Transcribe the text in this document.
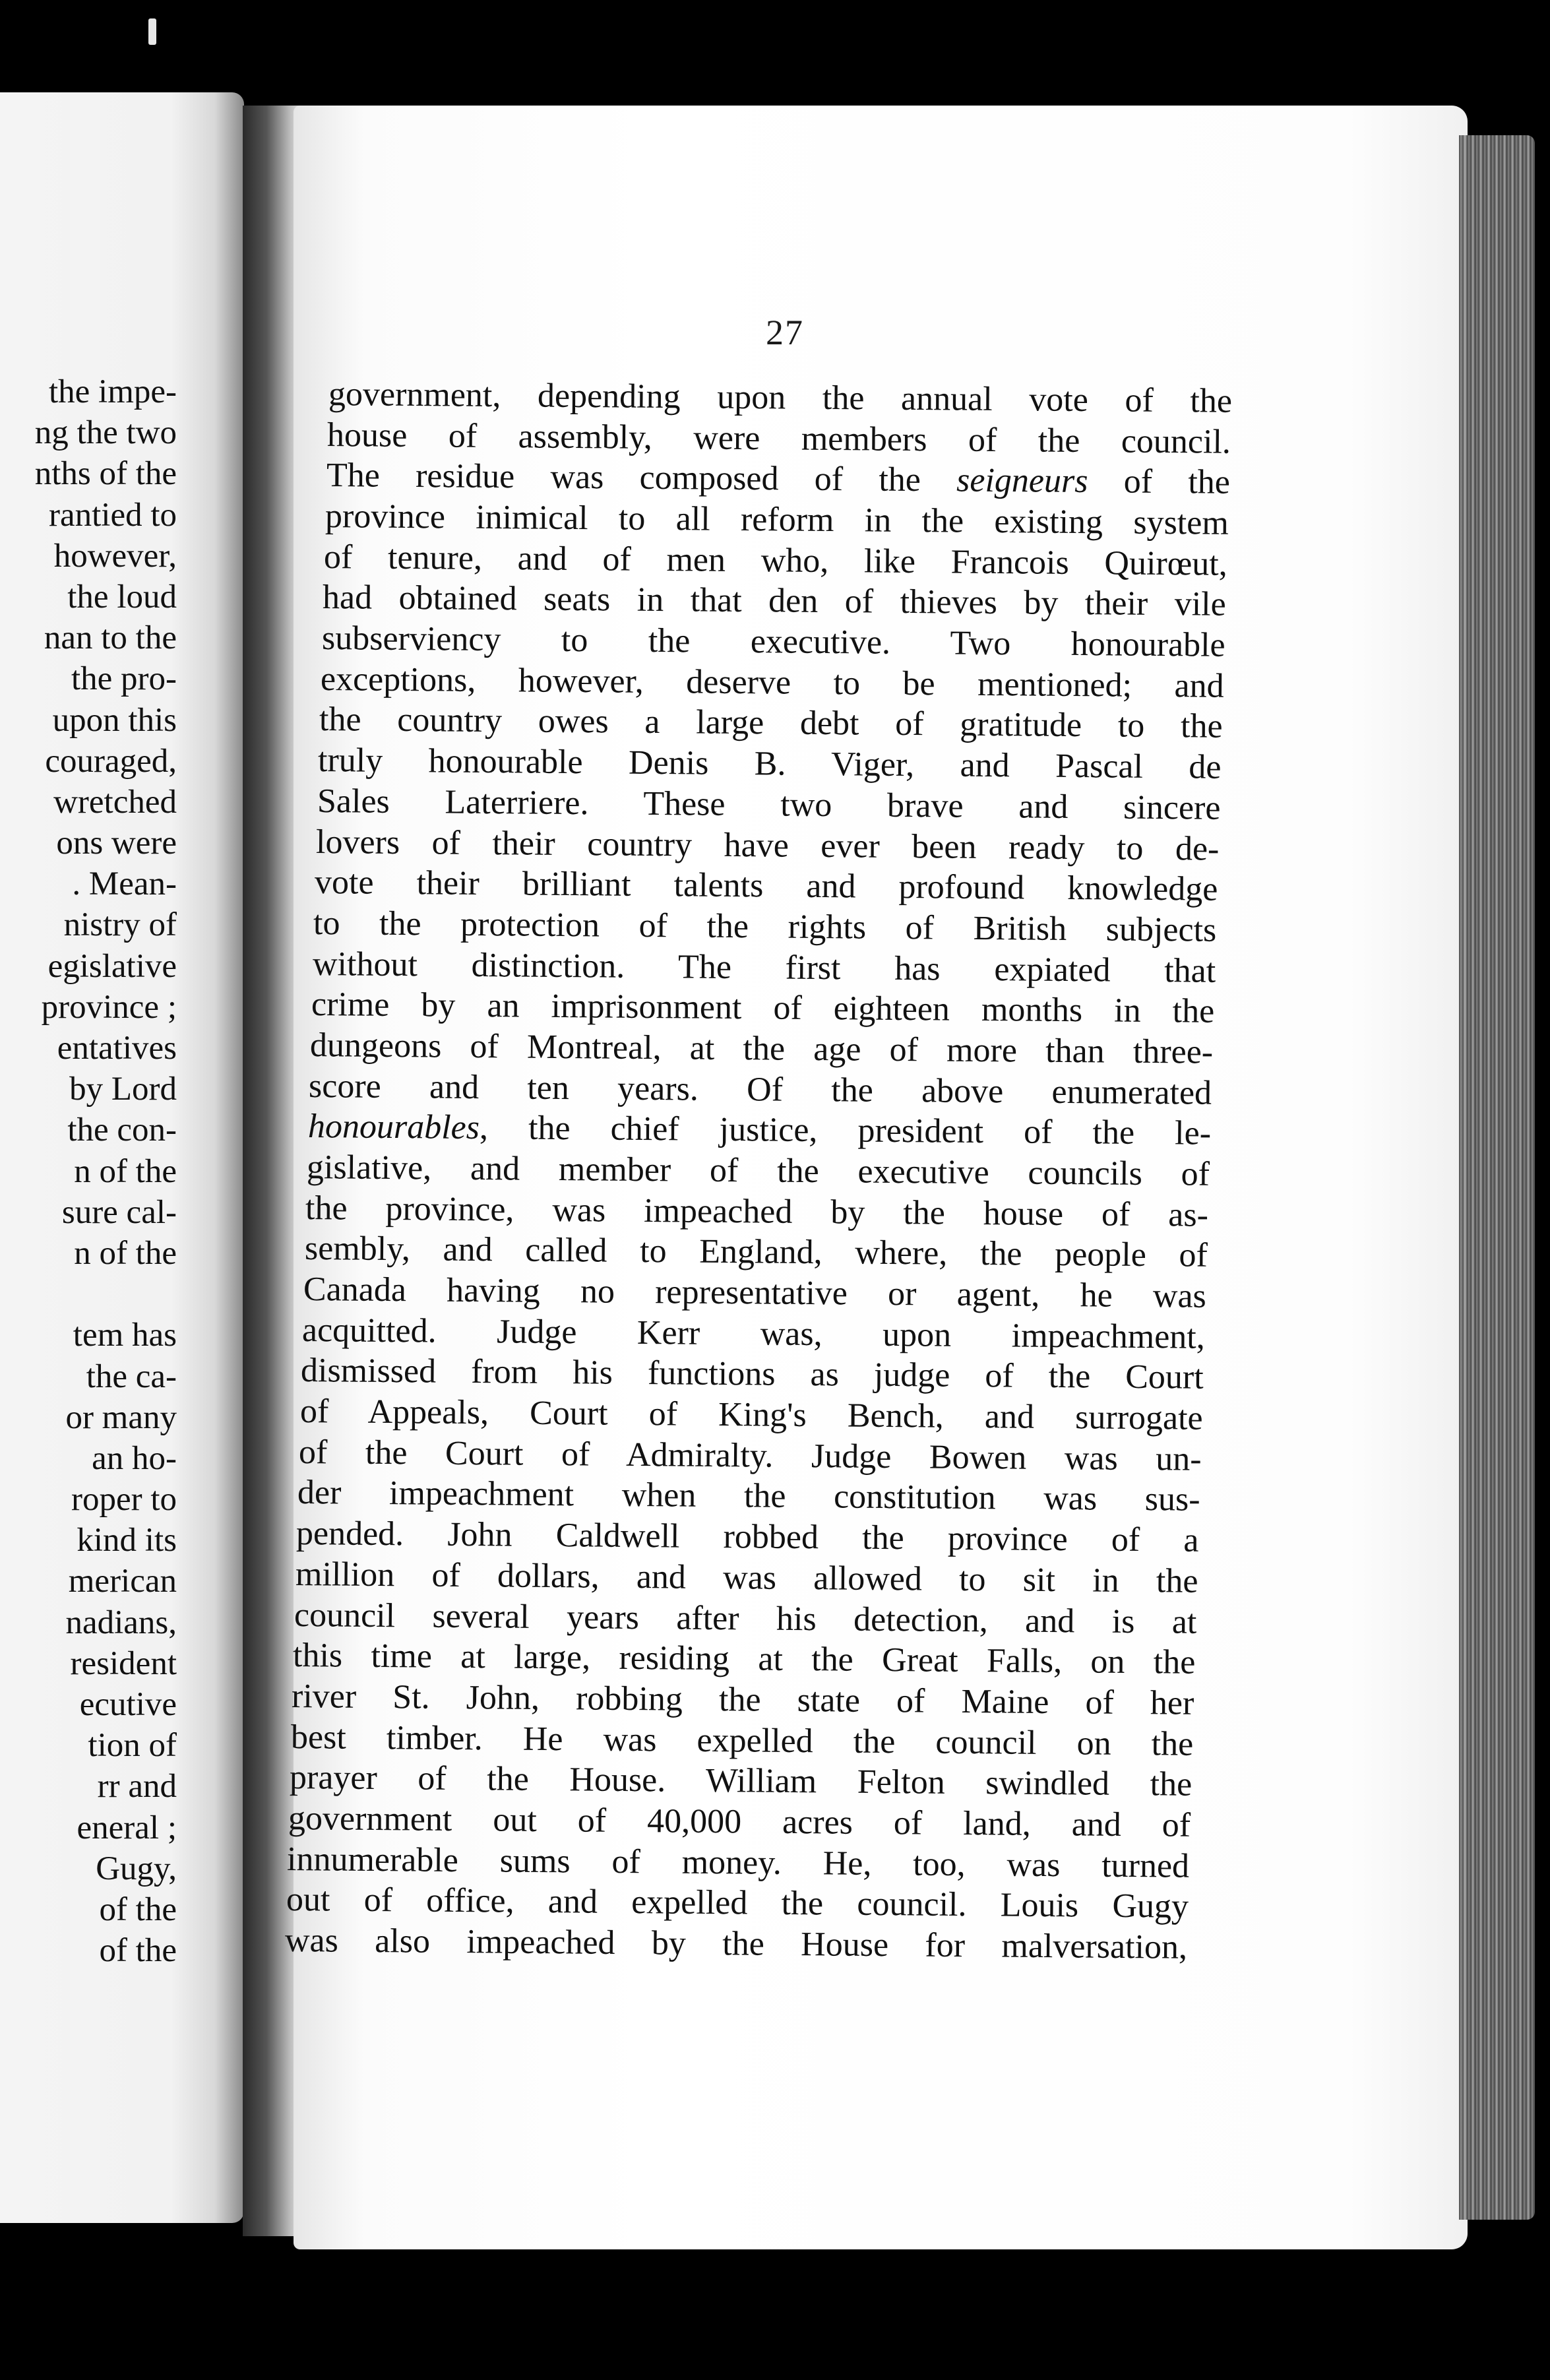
the impe-
ng the two
nths of the
rantied to
however,
the loud
nan to the
the pro-
upon this
couraged,
wretched
ons were
. Mean-
nistry of
egislative
province ;
entatives
by Lord
the con-
n of the
sure cal-
n of the
tem has
the ca-
or many
an ho-
roper to
kind its
merican
nadians,
resident
ecutive
tion of
rr and
eneral ;
Gugy,
of the
of the
27
government, depending upon the annual vote of the
house of assembly, were members of the council.
The residue was composed of the seigneurs of the
province inimical to all reform in the existing system
of tenure, and of men who, like Francois Quirœut,
had obtained seats in that den of thieves by their vile
subserviency to the executive. Two honourable
exceptions, however, deserve to be mentioned; and
the country owes a large debt of gratitude to the
truly honourable Denis B. Viger, and Pascal de
Sales Laterriere. These two brave and sincere
lovers of their country have ever been ready to de-
vote their brilliant talents and profound knowledge
to the protection of the rights of British subjects
without distinction. The first has expiated that
crime by an imprisonment of eighteen months in the
dungeons of Montreal, at the age of more than three-
score and ten years. Of the above enumerated
honourables, the chief justice, president of the le-
gislative, and member of the executive councils of
the province, was impeached by the house of as-
sembly, and called to England, where, the people of
Canada having no representative or agent, he was
acquitted. Judge Kerr was, upon impeachment,
dismissed from his functions as judge of the Court
of Appeals, Court of King's Bench, and surrogate
of the Court of Admiralty. Judge Bowen was un-
der impeachment when the constitution was sus-
pended. John Caldwell robbed the province of a
million of dollars, and was allowed to sit in the
council several years after his detection, and is at
this time at large, residing at the Great Falls, on the
river St. John, robbing the state of Maine of her
best timber. He was expelled the council on the
prayer of the House. William Felton swindled the
government out of 40,000 acres of land, and of
innumerable sums of money. He, too, was turned
out of office, and expelled the council. Louis Gugy
was also impeached by the House for malversation,
